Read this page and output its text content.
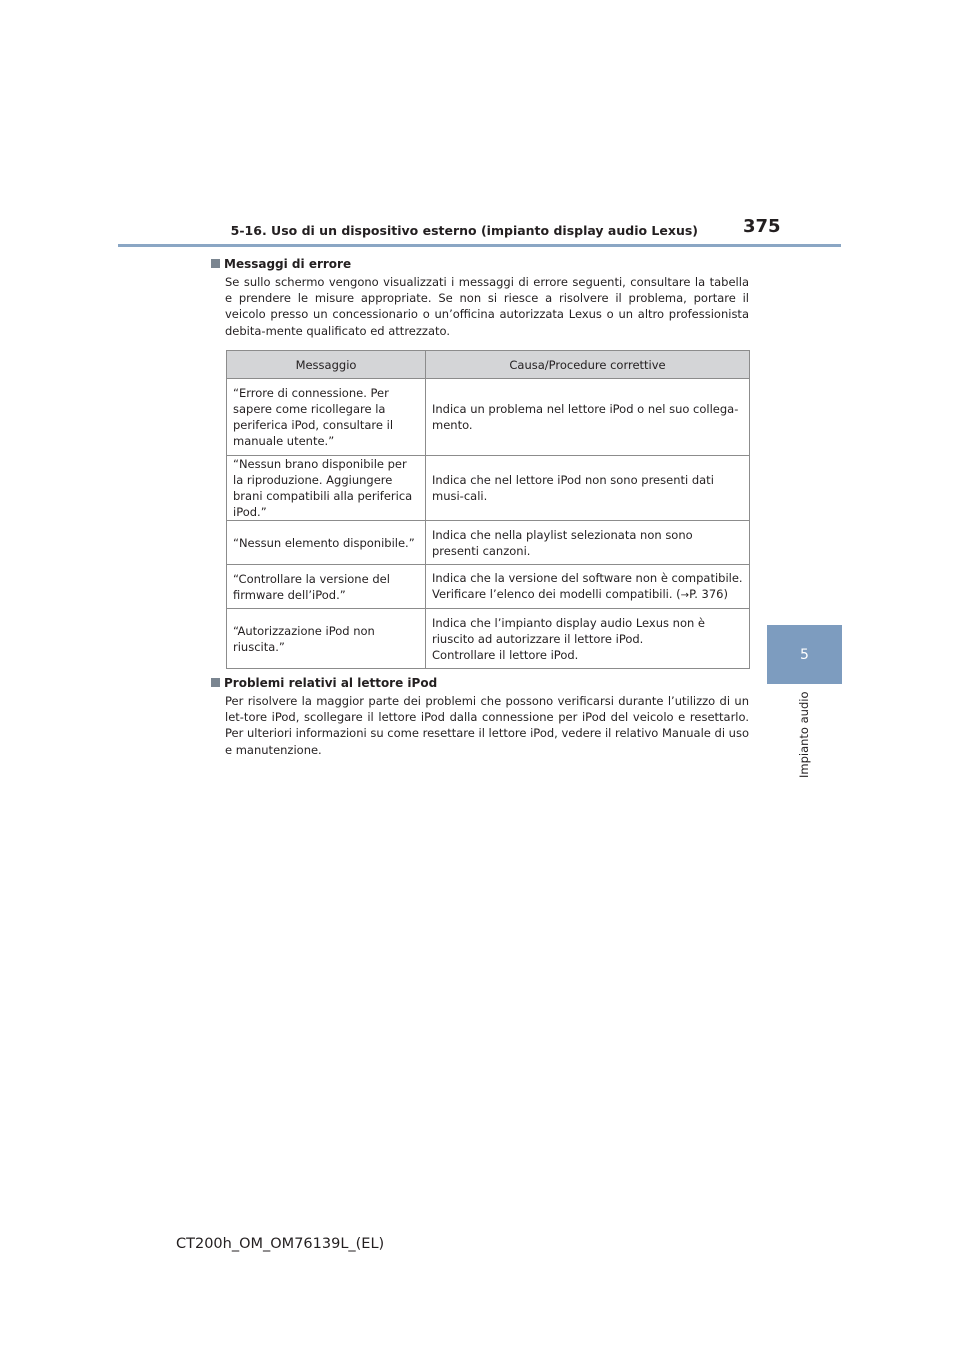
5-16. Uso di un dispositivo esterno (impianto display audio Lexus)	375
5
Impianto audio

Messaggi di errore

Se sullo schermo vengono visualizzati i messaggi di errore seguenti, consultare la tabella e prendere le misure appropriate. Se non si riesce a risolvere il problema, portare il veicolo presso un concessionario o un’officina autorizzata Lexus o un altro professionista debita-mente qualificato ed attrezzato.
Messaggio	Causa/Procedure correttive
“Errore di connessione. Per sapere come ricollegare la periferica iPod, consultare il manuale utente.”	Indica un problema nel lettore iPod o nel suo collega-mento.
“Nessun brano disponibile per la riproduzione. Aggiungere brani compatibili alla periferica iPod.”	Indica che nel lettore iPod non sono presenti dati musi-cali.
“Nessun elemento disponibile.”	Indica che nella playlist selezionata non sono presenti canzoni.
“Controllare la versione del firmware dell’iPod.”	Indica che la versione del software non è compatibile.
Verificare l’elenco dei modelli compatibili. (→P. 376)

“Autorizzazione iPod non riuscita.”	Indica che l’impianto display audio Lexus non è riuscito ad autorizzare il lettore iPod.
Controllare il lettore iPod.

Problemi relativi al lettore iPod

Per risolvere la maggior parte dei problemi che possono verificarsi durante l’utilizzo di un let-tore iPod, scollegare il lettore iPod dalla connessione per iPod del veicolo e resettarlo. Per ulteriori informazioni su come resettare il lettore iPod, vedere il relativo Manuale di uso e manutenzione.
CT200h_OM_OM76139L_(EL)
